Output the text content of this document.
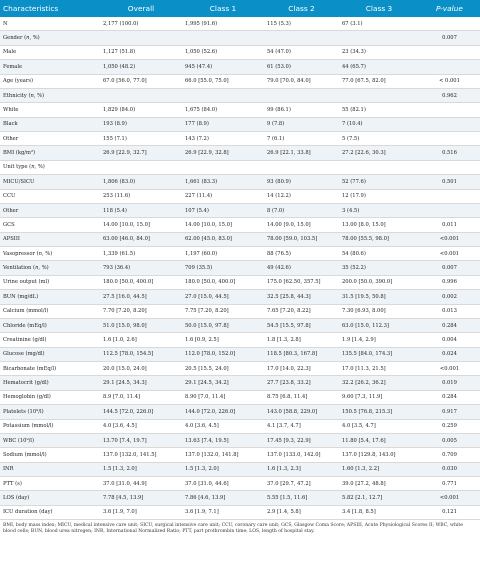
Characteristics	Overall	Class 1	Class 2	Class 3	P-value
N	2,177 (100.0)	1,995 (91.6)	115 (5.3)	67 (3.1)	
Gender (n, %)					0.007
Male	1,127 (51.8)	1,050 (52.6)	54 (47.0)	23 (34.3)	
Female	1,050 (48.2)	945 (47.4)	61 (53.0)	44 (65.7)	
Age (years)	67.0 [56.0, 77.0]	66.0 [55.0, 75.0]	79.0 [70.0, 84.0]	77.0 [67.5, 82.0]	< 0.001
Ethnicity (n, %)					0.962
White	1,829 (84.0)	1,675 (84.0)	99 (86.1)	55 (82.1)	
Black	193 (8.9)	177 (8.9)	9 (7.8)	7 (10.4)	
Other	155 (7.1)	143 (7.2)	7 (6.1)	5 (7.5)	
BMI (kg/m²)	26.9 [22.9, 32.7]	26.9 [22.9, 32.8]	26.9 [22.1, 33.8]	27.2 [22.6, 30.3]	0.516
Unit type (n, %)					
MICU/SICU	1,806 (83.0)	1,661 (83.3)	93 (80.9)	52 (77.6)	0.501
CCU	253 (11.6)	227 (11.4)	14 (12.2)	12 (17.9)	
Other	118 (5.4)	107 (5.4)	8 (7.0)	3 (4.5)	
GCS	14.00 [10.0, 15.0]	14.00 [10.0, 15.0]	14.00 [9.0, 15.0]	13.00 [8.0, 15.0]	0.011
APSIII	63.00 [46.0, 84.0]	62.00 [45.0, 83.0]	78.00 [59.0, 103.5]	78.00 [55.5, 98.0]	<0.001
Vasopressor (n, %)	1,339 (61.5)	1,197 (60.0)	88 (76.5)	54 (80.6)	<0.001
Ventilation (n, %)	793 (36.4)	709 (35.5)	49 (42.6)	35 (52.2)	0.007
Urine output (ml)	180.0 [50.0, 400.0]	180.0 [50.0, 400.0]	175.0 [62.50, 357.5]	200.0 [50.0, 390.0]	0.996
BUN (mg/dL)	27.5 [16.0, 44.5]	27.0 [15.0, 44.5]	32.5 [25.8, 44.3]	31.5 [19.5, 50.8]	0.002
Calcium (mmol/l)	7.70 [7.20, 8.20]	7.75 [7.20, 8.20]	7.65 [7.20, 8.22]	7.30 [6.93, 8.00]	0.013
Chloride (mEq/l)	51.0 [15.0, 98.0]	50.0 [15.0, 97.8]	54.5 [15.5, 97.8]	63.0 [15.0, 112.3]	0.284
Creatinine (g/dl)	1.6 [1.0, 2.6]	1.6 [0.9, 2.5]	1.8 [1.3, 2.8]	1.9 [1.4, 2.9]	0.004
Glucose (mg/dl)	112.5 [78.0, 154.5]	112.0 [78.0, 152.0]	118.5 [80.3, 167.8]	135.5 [84.0, 174.3]	0.024
Bicarbonate (mEq/l)	20.0 [15.0, 24.0]	20.5 [15.5, 24.0]	17.0 [14.0, 22.3]	17.0 [11.3, 21.5]	<0.001
Hematocrit (g/dl)	29.1 [24.5, 34.3]	29.1 [24.5, 34.2]	27.7 [23.8, 33.2]	32.2 [26.2, 36.2]	0.019
Hemoglobin (g/dl)	8.9 [7.0, 11.4]	8.90 [7.0, 11.4]	8.75 [6.8, 11.4]	9.60 [7.3, 11.9]	0.284
Platelets (10⁹/l)	144.5 [72.0, 226.0]	144.0 [72.0, 226.0]	143.0 [58.8, 229.0]	150.5 [76.8, 215.3]	0.917
Potassium (mmol/l)	4.0 [3.6, 4.5]	4.0 [3.6, 4.5]	4.1 [3.7, 4.7]	4.0 [3.5, 4.7]	0.259
WBC (10⁹/l)	13.70 [7.4, 19.7]	13.63 [7.4, 19.5]	17.45 [9.3, 22.9]	11.80 [5.4, 17.6]	0.005
Sodium (mmol/l)	137.0 [132.0, 141.5]	137.0 [132.0, 141.8]	137.0 [133.0, 142.0]	137.0 [129.8, 143.0]	0.709
INR	1.5 [1.3, 2.0]	1.5 [1.3, 2.0]	1.6 [1.3, 2.3]	1.60 [1.3, 2.2]	0.030
PTT (s)	37.0 [31.0, 44.9]	37.0 [31.0, 44.6]	37.0 [29.7, 47.2]	39.0 [27.2, 48.8]	0.771
LOS (day)	7.78 [4.5, 13.9]	7.86 [4.6, 13.9]	5.55 [1.5, 11.6]	5.82 [2.1, 12.7]	<0.001
ICU duration (day)	3.6 [1.9, 7.0]	3.6 [1.9, 7.1]	2.9 [1.4, 5.8]	3.4 [1.8, 8.5]	0.121
BMI, body mass index; MICU, medical intensive care unit; SICU, surgical intensive care unit; CCU, coronary care unit; GCS, Glasgow Coma Score; APSIII, Acute Physiological Scores II; WBC, white blood cells; BUN, blood urea nitrogen; INR, International Normalized Ratio; PTT, part prothrombin time; LOS, length of hospital stay.
